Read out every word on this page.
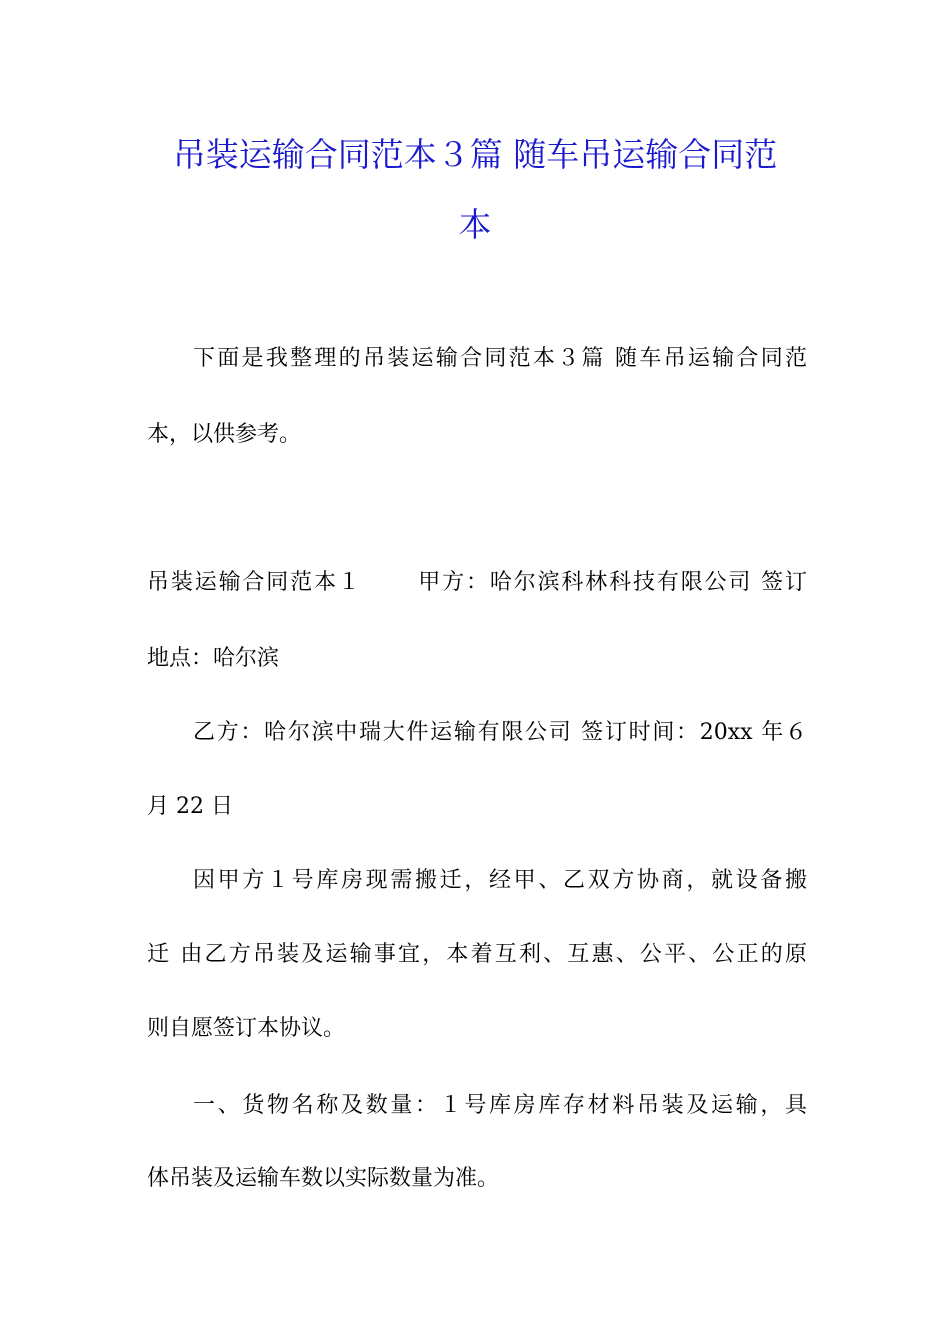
吊装运输合同范本３篇 随车吊运输合同范
本
下面是我整理的吊装运输合同范本３篇 随车吊运输合同范
本，以供参考。
吊装运输合同范本１　　 甲方：哈尔滨科林科技有限公司 签订
地点：哈尔滨
乙方：哈尔滨中瑞大件运输有限公司 签订时间：20xx 年６
月 22 日
因甲方１号库房现需搬迁，经甲、乙双方协商，就设备搬
迁 由乙方吊装及运输事宜，本着互利、互惠、公平、公正的原
则自愿签订本协议。
一、货物名称及数量：１号库房库存材料吊装及运输，具
体吊装及运输车数以实际数量为准。
